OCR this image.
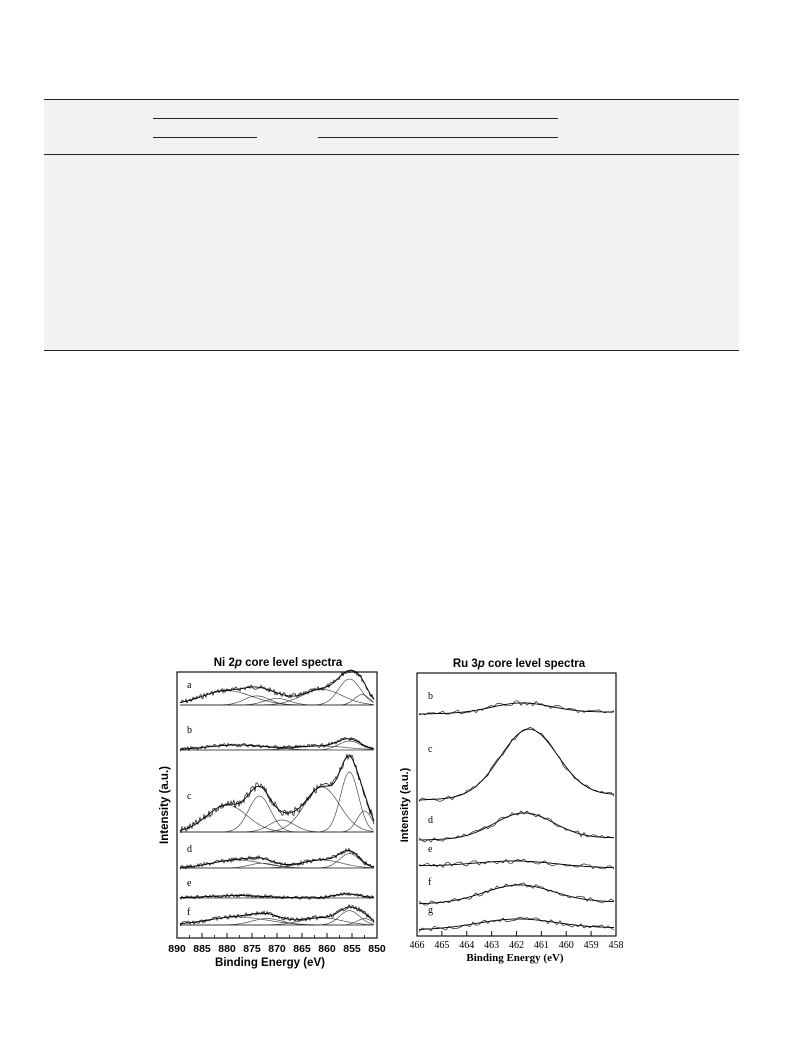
Ni 2p core level spectra
a
b
c
d
e
f
890 885 880 875 870 865 860 855 850
Binding Energy (eV)
Intensity (a.u.)
Ru 3p core level spectra
b
c
d
e
f
g
466 465 464 463 462 461 460 459 458
Binding Energy (eV)
Intensity (a.u.)
